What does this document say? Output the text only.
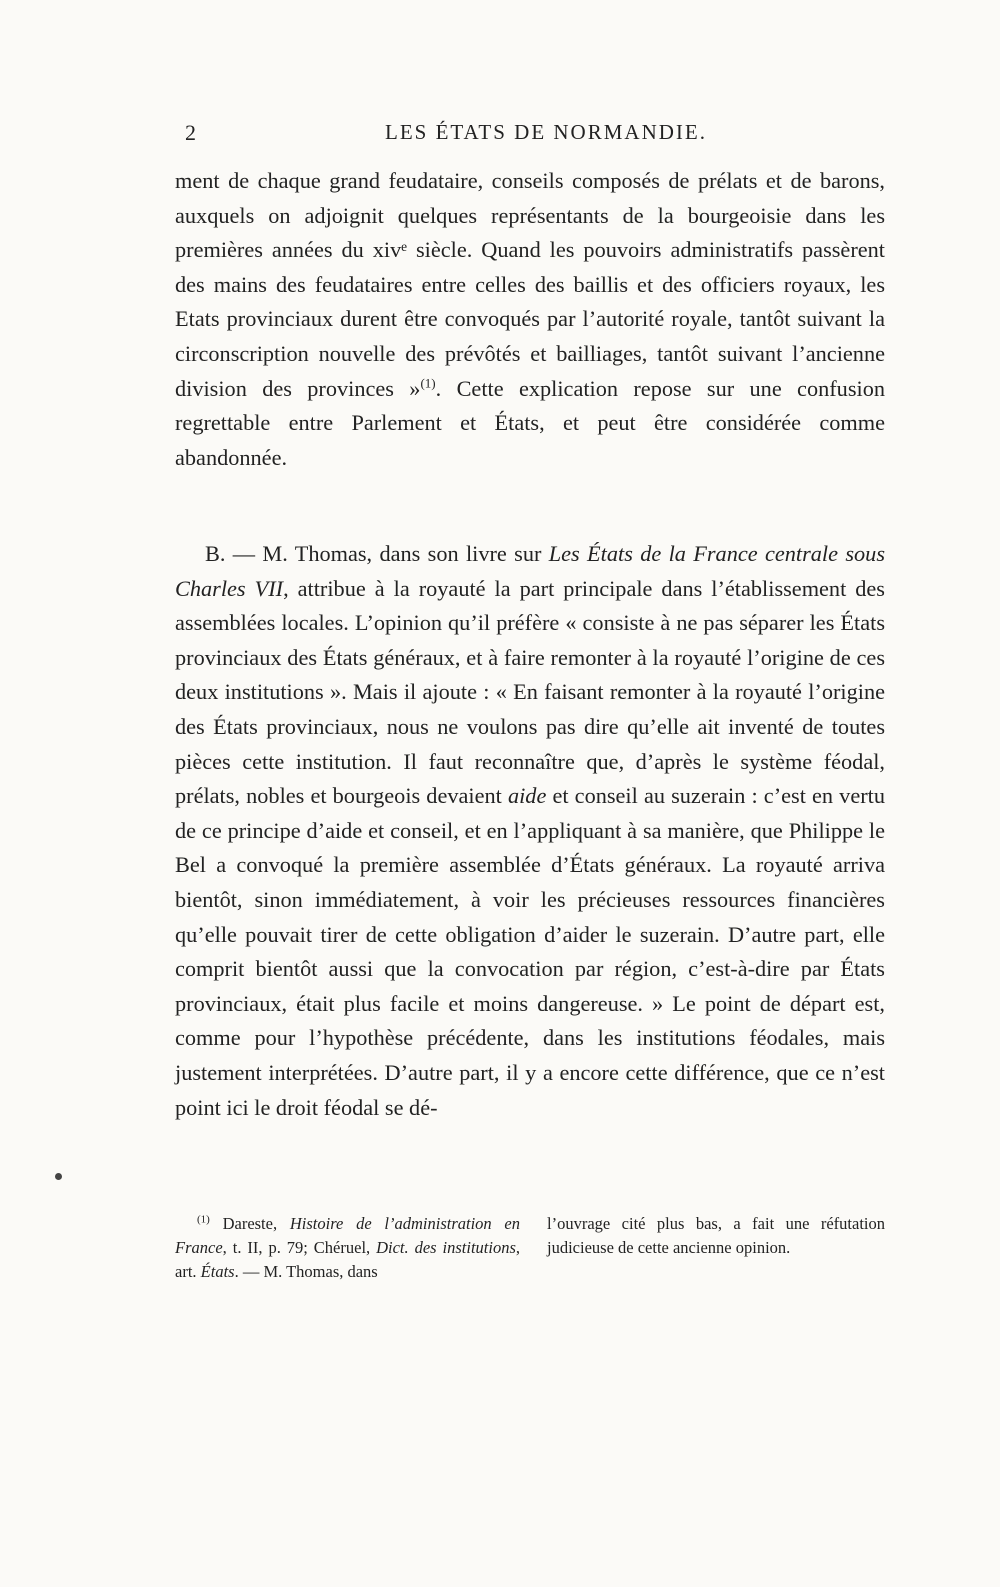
2	LES ÉTATS DE NORMANDIE.

ment de chaque grand feudataire, conseils composés de prélats et de barons, auxquels on adjoignit quelques représentants de la bourgeoisie dans les premières années du xivᵉ siècle. Quand les pouvoirs administratifs passèrent des mains des feudataires entre celles des baillis et des officiers royaux, les Etats provinciaux durent être convoqués par l’autorité royale, tantôt suivant la circonscription nouvelle des prévôtés et bailliages, tantôt suivant l’ancienne division des provinces »$^{(1)}$. Cette explication repose sur une confusion regrettable entre Parlement et États, et peut être considérée comme abandonnée.

B. — M. Thomas, dans son livre sur Les États de la France centrale sous Charles VII, attribue à la royauté la part principale dans l’établissement des assemblées locales. L’opinion qu’il préfère « consiste à ne pas séparer les États provinciaux des États généraux, et à faire remonter à la royauté l’origine de ces deux institutions ». Mais il ajoute : « En faisant remonter à la royauté l’origine des États provinciaux, nous ne voulons pas dire qu’elle ait inventé de toutes pièces cette institution. Il faut reconnaître que, d’après le système féodal, prélats, nobles et bourgeois devaient aide et conseil au suzerain : c’est en vertu de ce principe d’aide et conseil, et en l’appliquant à sa manière, que Philippe le Bel a convoqué la première assemblée d’États généraux. La royauté arriva bientôt, sinon immédiatement, à voir les précieuses ressources financières qu’elle pouvait tirer de cette obligation d’aider le suzerain. D’autre part, elle comprit bientôt aussi que la convocation par région, c’est-à-dire par États provinciaux, était plus facile et moins dangereuse. » Le point de départ est, comme pour l’hypothèse précédente, dans les institutions féodales, mais justement interprétées. D’autre part, il y a encore cette différence, que ce n’est point ici le droit féodal se dé-

$^{(1)}$ Dareste, Histoire de l’administration en France, t. II, p. 79; Chéruel, Dict. des institutions, art. États. — M. Thomas, dans

l’ouvrage cité plus bas, a fait une réfutation judicieuse de cette ancienne opinion.
